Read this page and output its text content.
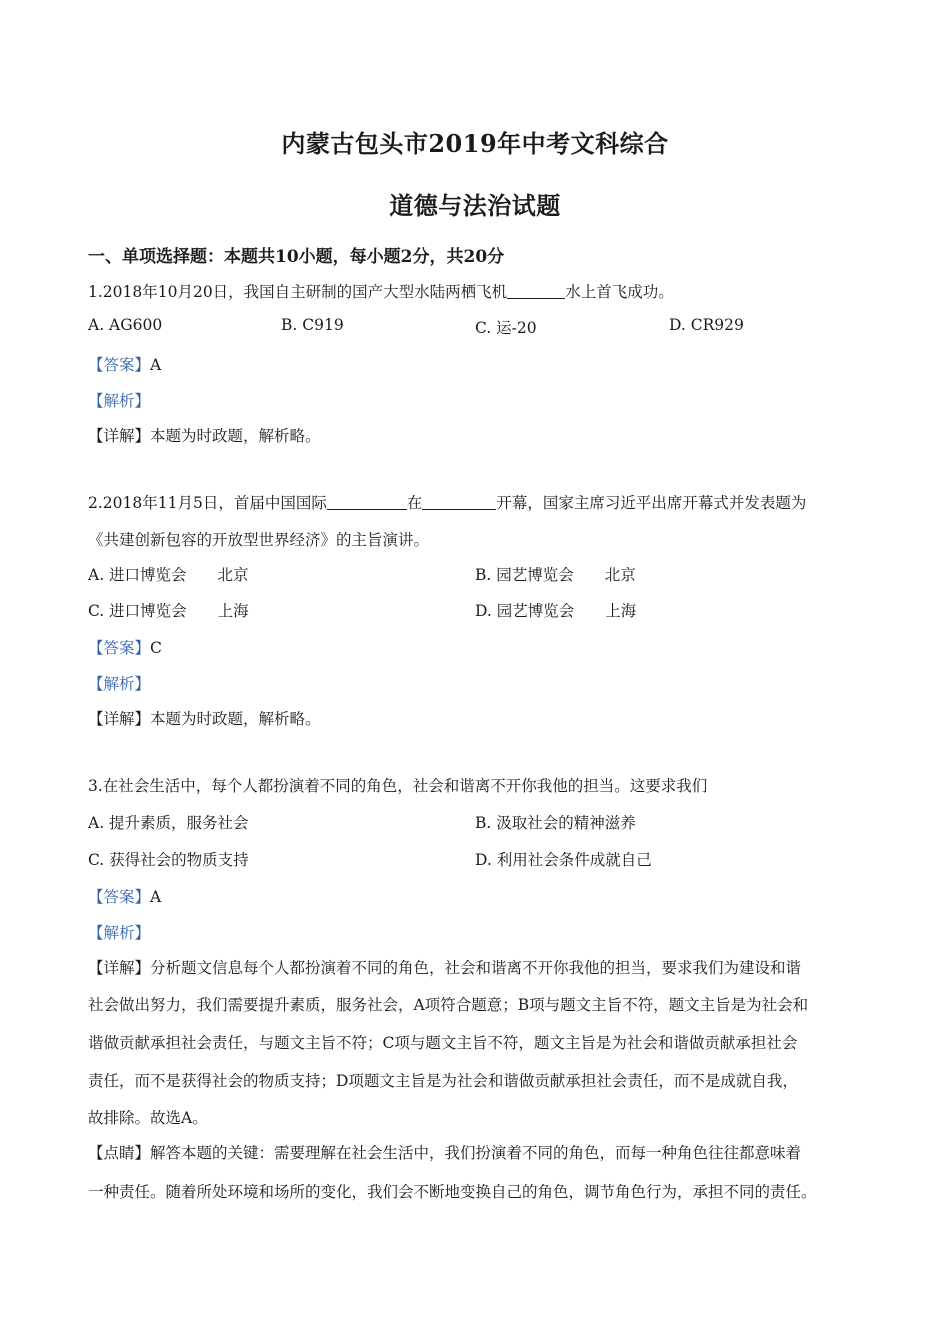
内蒙古包头市2019年中考文科综合
道德与法治试题
一、单项选择题：本题共10小题，每小题2分，共20分
1.2018年10月20日，我国自主研制的国产大型水陆两栖飞机	水上首飞成功。
A. AG600	B. C919	C. 运-20	D. CR929
【答案】A
【解析】
【详解】本题为时政题，解析略。
2.2018年11月5日，首届中国国际	在	开幕，国家主席习近平出席开幕式并发表题为
《共建创新包容的开放型世界经济》的主旨演讲。
A. 进口博览会　　北京	B. 园艺博览会　　北京
C. 进口博览会　　上海	D. 园艺博览会　　上海
【答案】C
【解析】
【详解】本题为时政题，解析略。
3.在社会生活中，每个人都扮演着不同的角色，社会和谐离不开你我他的担当。这要求我们
A. 提升素质，服务社会	B. 汲取社会的精神滋养
C. 获得社会的物质支持	D. 利用社会条件成就自己
【答案】A
【解析】
【详解】分析题文信息每个人都扮演着不同的角色，社会和谐离不开你我他的担当，要求我们为建设和谐
社会做出努力，我们需要提升素质，服务社会，A项符合题意；B项与题文主旨不符，题文主旨是为社会和
谐做贡献承担社会责任，与题文主旨不符；C项与题文主旨不符，题文主旨是为社会和谐做贡献承担社会
责任，而不是获得社会的物质支持；D项题文主旨是为社会和谐做贡献承担社会责任，而不是成就自我，
故排除。故选A。
【点睛】解答本题的关键：需要理解在社会生活中，我们扮演着不同的角色，而每一种角色往往都意味着
一种责任。随着所处环境和场所的变化，我们会不断地变换自己的角色，调节角色行为，承担不同的责任。
